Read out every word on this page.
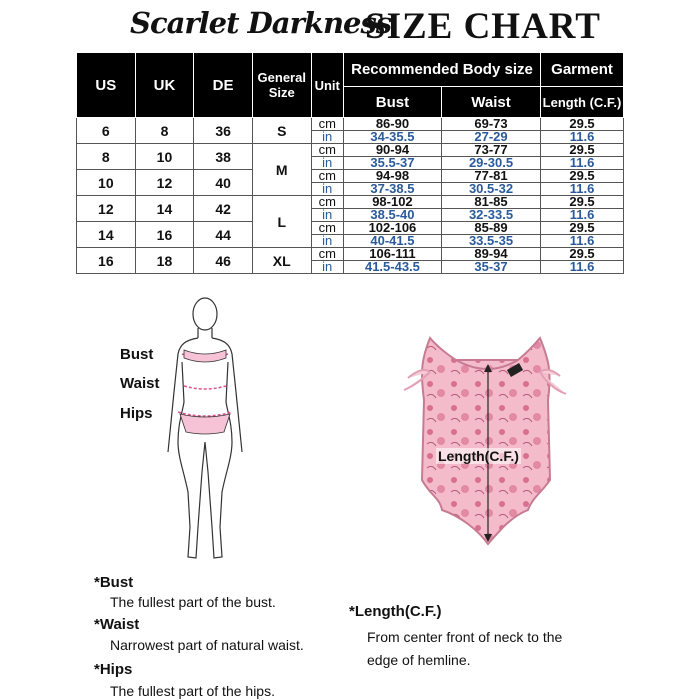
Scarlet Darkness
SIZE CHART
US	UK	DE	General Size	Unit	Recommended Body size		Garment
					Bust	Waist	Length (C.F.)
6	8	36	S	cm	86-90	69-73	29.5
				in	34-35.5	27-29	11.6
8	10	38	M	cm	90-94	73-77	29.5
				in	35.5-37	29-30.5	11.6
10	12	40		cm	94-98	77-81	29.5
				in	37-38.5	30.5-32	11.6
12	14	42	L	cm	98-102	81-85	29.5
				in	38.5-40	32-33.5	11.6
14	16	44		cm	102-106	85-89	29.5
				in	40-41.5	33.5-35	11.6
16	18	46	XL	cm	106-111	89-94	29.5
				in	41.5-43.5	35-37	11.6
Bust
Waist
Hips
Length(C.F.)
*Bust
The fullest part of the bust.
*Waist
Narrowest part of natural waist.
*Hips
The fullest part of the hips.
*Length(C.F.)
From center front of neck to the
edge of hemline.
